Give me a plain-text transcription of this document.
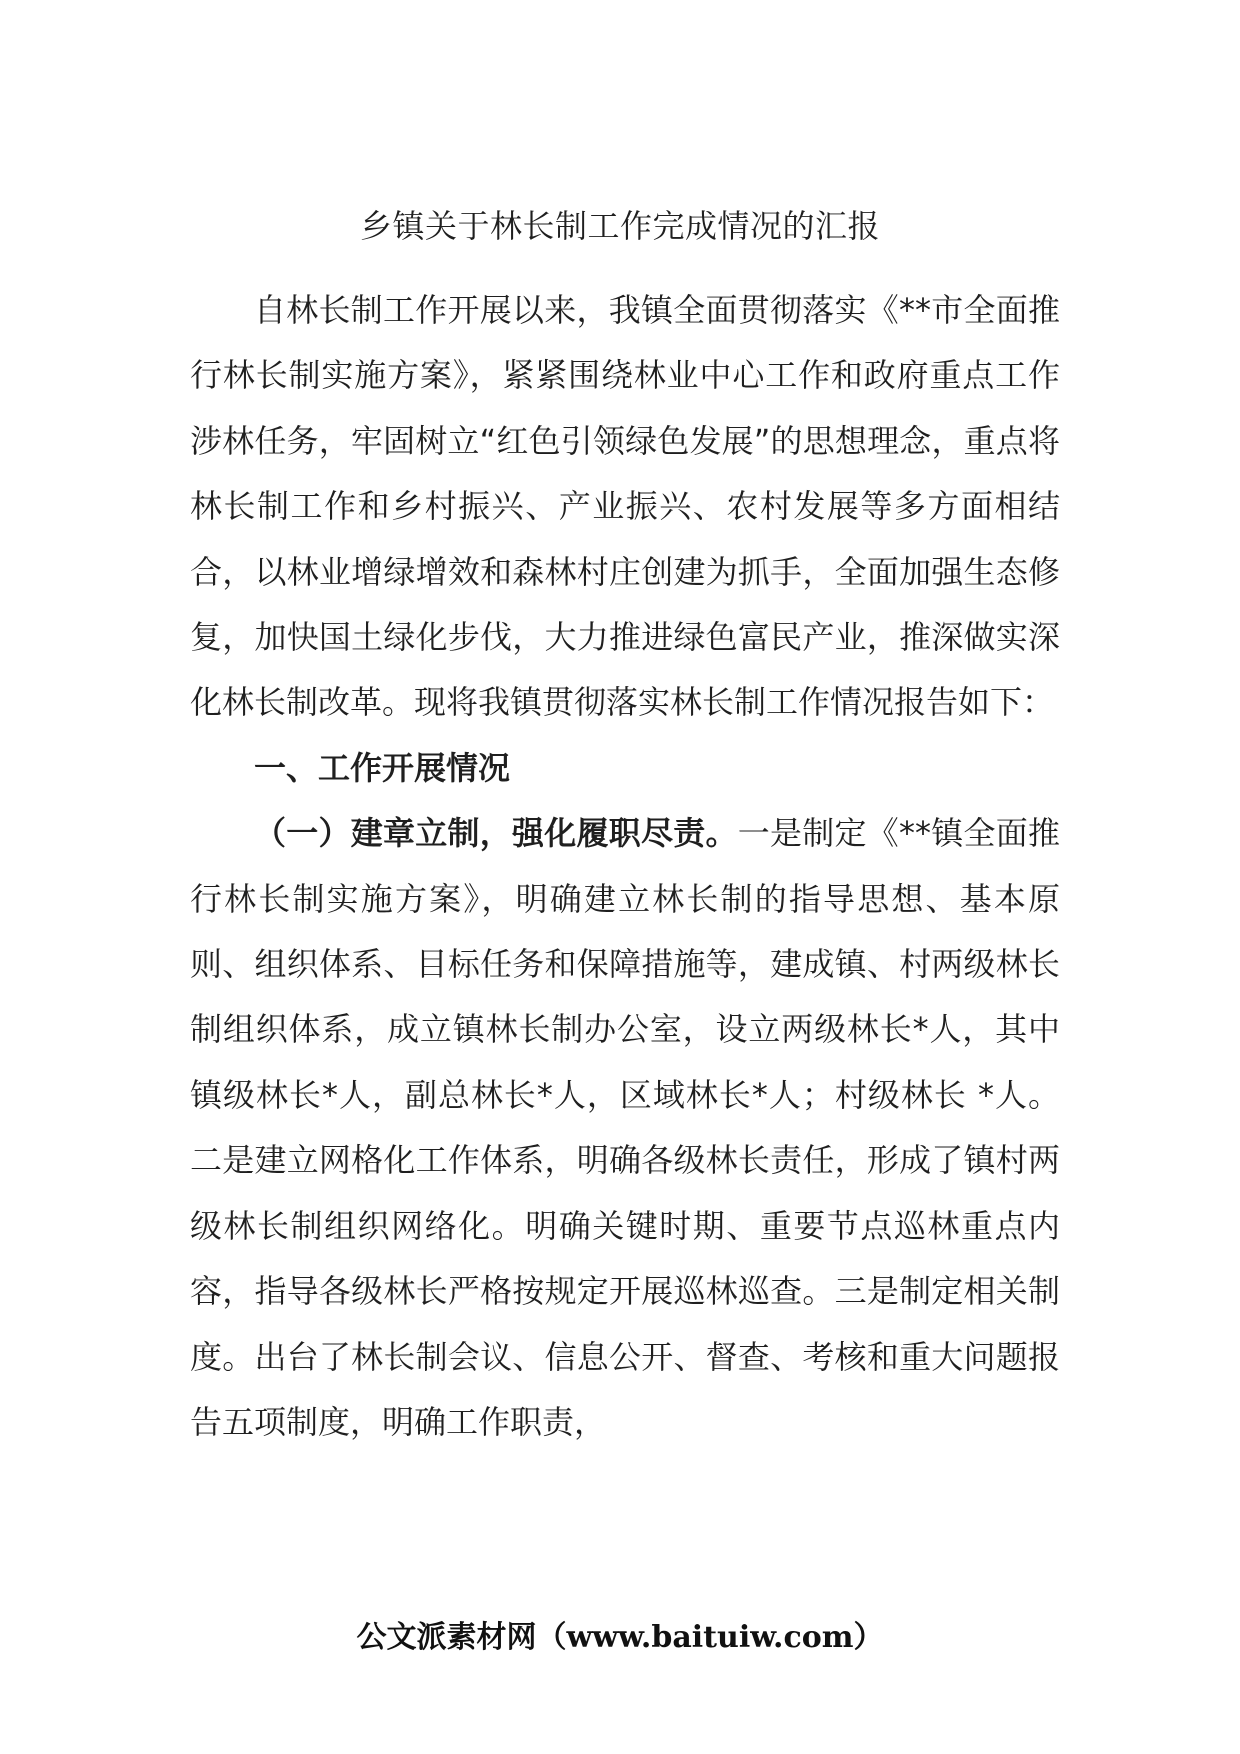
乡镇关于林长制工作完成情况的汇报

自林长制工作开展以来，我镇全面贯彻落实《**市全面推行林长制实施方案》，紧紧围绕林业中心工作和政府重点工作涉林任务，牢固树立“红色引领绿色发展”的思想理念，重点将林长制工作和乡村振兴、产业振兴、农村发展等多方面相结合，以林业增绿增效和森林村庄创建为抓手，全面加强生态修复，加快国土绿化步伐，大力推进绿色富民产业，推深做实深化林长制改革。现将我镇贯彻落实林长制工作情况报告如下：

一、工作开展情况

（一）建章立制，强化履职尽责。一是制定《**镇全面推行林长制实施方案》，明确建立林长制的指导思想、基本原则、组织体系、目标任务和保障措施等，建成镇、村两级林长制组织体系，成立镇林长制办公室，设立两级林长*人，其中镇级林长*人，副总林长*人，区域林长*人；村级林长 *人。二是建立网格化工作体系，明确各级林长责任，形成了镇村两级林长制组织网络化。明确关键时期、重要节点巡林重点内容，指导各级林长严格按规定开展巡林巡查。三是制定相关制度。出台了林长制会议、信息公开、督查、考核和重大问题报告五项制度，明确工作职责，

公文派素材网（www.baituiw.com）
